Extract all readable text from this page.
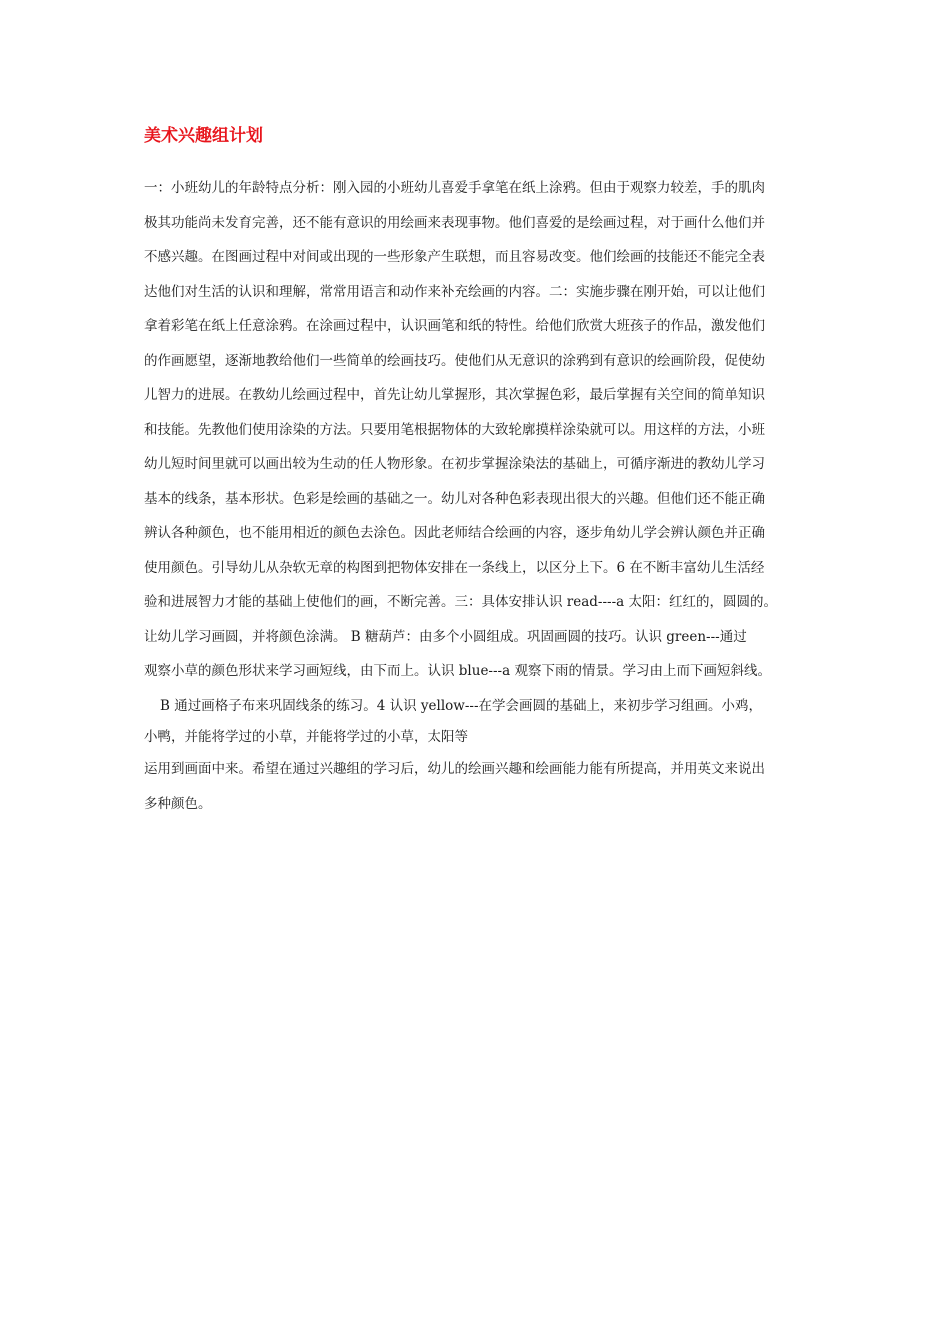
美术兴趣组计划
一：小班幼儿的年龄特点分析：刚入园的小班幼儿喜爱手拿笔在纸上涂鸦。但由于观察力较差，手的肌肉
极其功能尚未发育完善，还不能有意识的用绘画来表现事物。他们喜爱的是绘画过程，对于画什么他们并
不感兴趣。在图画过程中对间或出现的一些形象产生联想，而且容易改变。他们绘画的技能还不能完全表
达他们对生活的认识和理解，常常用语言和动作来补充绘画的内容。二：实施步骤在刚开始，可以让他们
拿着彩笔在纸上任意涂鸦。在涂画过程中，认识画笔和纸的特性。给他们欣赏大班孩子的作品，激发他们
的作画愿望，逐渐地教给他们一些简单的绘画技巧。使他们从无意识的涂鸦到有意识的绘画阶段，促使幼
儿智力的进展。在教幼儿绘画过程中，首先让幼儿掌握形，其次掌握色彩，最后掌握有关空间的简单知识
和技能。先教他们使用涂染的方法。只要用笔根据物体的大致轮廓摸样涂染就可以。用这样的方法，小班
幼儿短时间里就可以画出较为生动的任人物形象。在初步掌握涂染法的基础上，可循序渐进的教幼儿学习
基本的线条，基本形状。色彩是绘画的基础之一。幼儿对各种色彩表现出很大的兴趣。但他们还不能正确
辨认各种颜色，也不能用相近的颜色去涂色。因此老师结合绘画的内容，逐步角幼儿学会辨认颜色并正确
使用颜色。引导幼儿从杂软无章的构图到把物体安排在一条线上，以区分上下。6 在不断丰富幼儿生活经
验和进展智力才能的基础上使他们的画，不断完善。三：具体安排认识 read----a 太阳：红红的，圆圆的。
让幼儿学习画圆，并将颜色涂满。 B 糖葫芦：由多个小圆组成。巩固画圆的技巧。认识 green---通过
观察小草的颜色形状来学习画短线，由下而上。认识 blue---a 观察下雨的情景。学习由上而下画短斜线。
B 通过画格子布来巩固线条的练习。4 认识 yellow---在学会画圆的基础上，来初步学习组画。小鸡，
小鸭，并能将学过的小草，并能将学过的小草，太阳等
运用到画面中来。希望在通过兴趣组的学习后，幼儿的绘画兴趣和绘画能力能有所提高，并用英文来说出
多种颜色。
